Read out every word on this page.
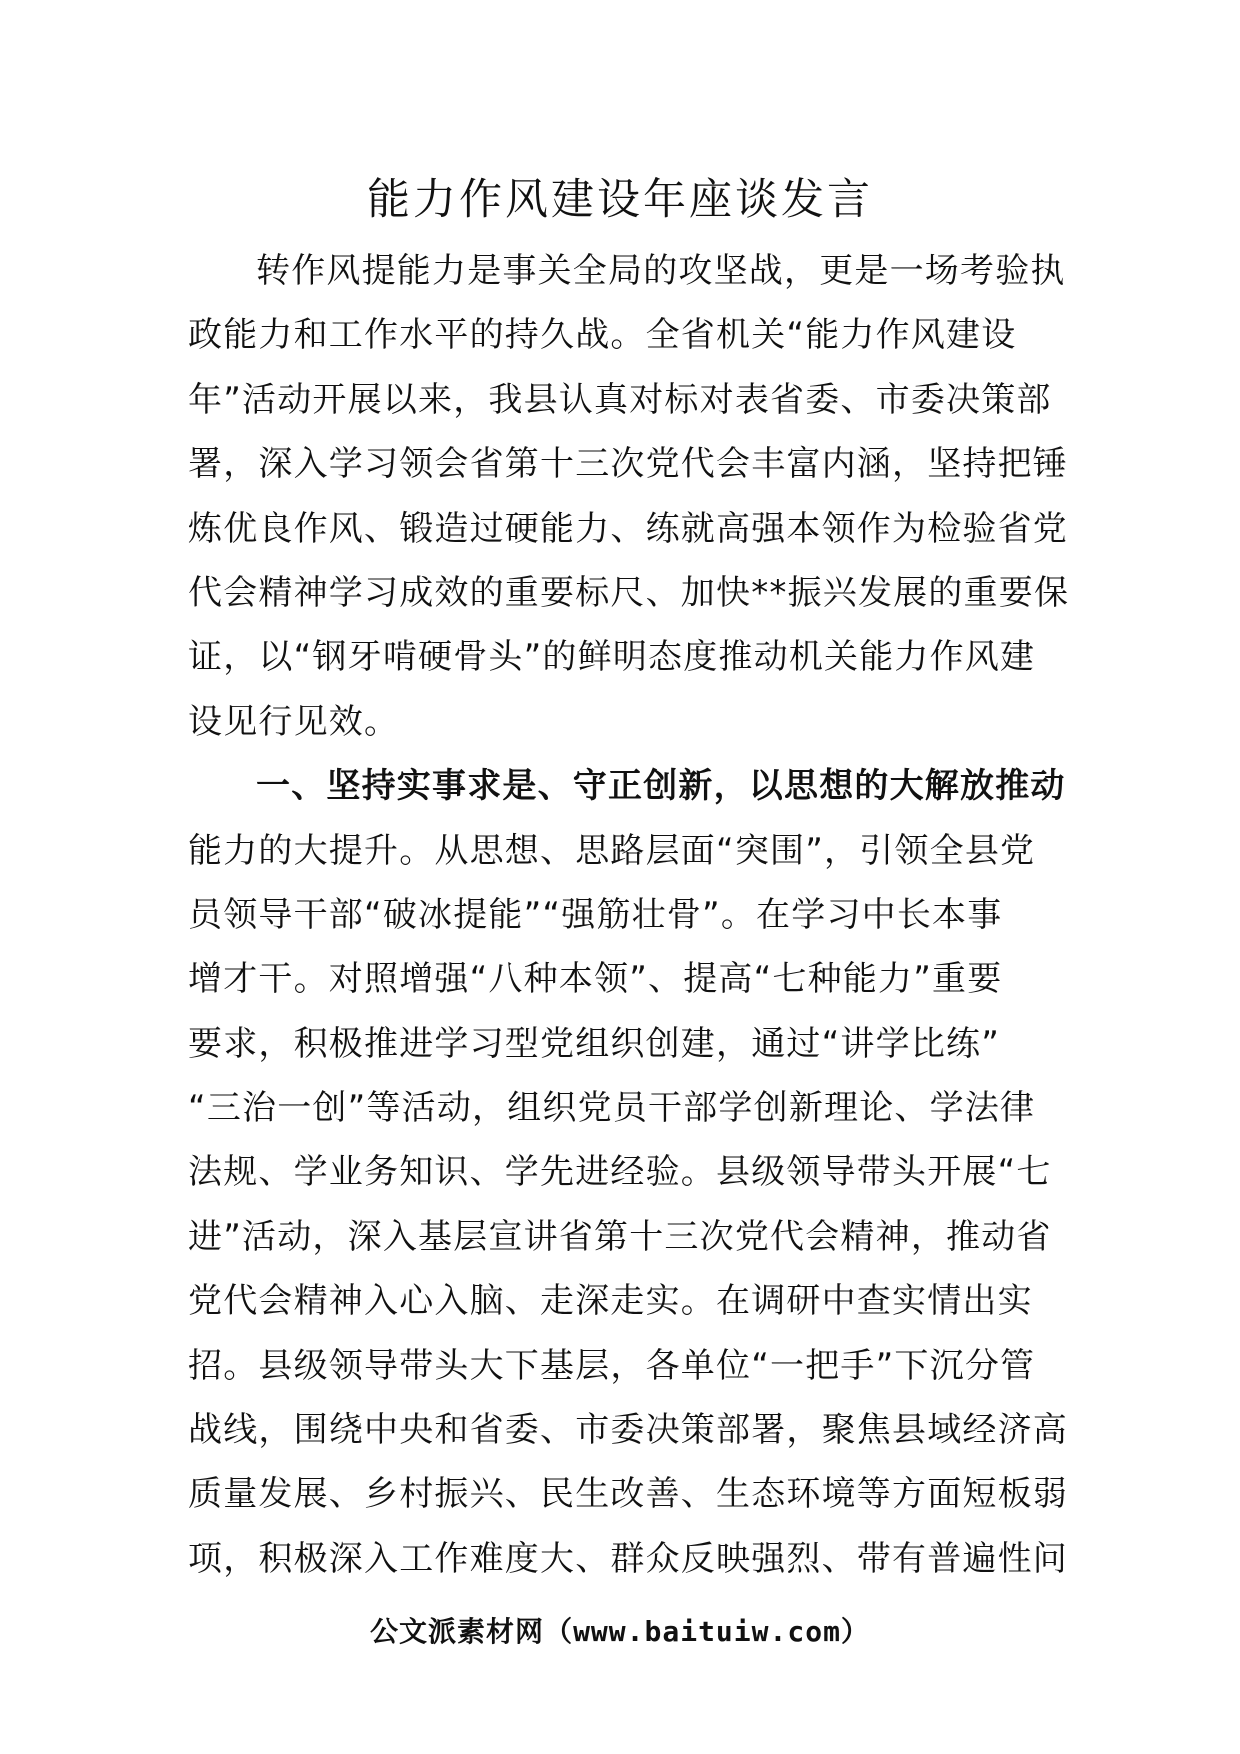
能力作风建设年座谈发言
转作风提能力是事关全局的攻坚战，更是一场考验执
政能力和工作水平的持久战。全省机关“能力作风建设
年”活动开展以来，我县认真对标对表省委、市委决策部
署，深入学习领会省第十三次党代会丰富内涵，坚持把锤
炼优良作风、锻造过硬能力、练就高强本领作为检验省党
代会精神学习成效的重要标尺、加快**振兴发展的重要保
证，以“钢牙啃硬骨头”的鲜明态度推动机关能力作风建
设见行见效。
一、坚持实事求是、守正创新，以思想的大解放推动
能力的大提升。从思想、思路层面“突围”，引领全县党
员领导干部“破冰提能”“强筋壮骨”。在学习中长本事
增才干。对照增强“八种本领”、提高“七种能力”重要
要求，积极推进学习型党组织创建，通过“讲学比练”
“三治一创”等活动，组织党员干部学创新理论、学法律
法规、学业务知识、学先进经验。县级领导带头开展“七
进”活动，深入基层宣讲省第十三次党代会精神，推动省
党代会精神入心入脑、走深走实。在调研中查实情出实
招。县级领导带头大下基层，各单位“一把手”下沉分管
战线，围绕中央和省委、市委决策部署，聚焦县域经济高
质量发展、乡村振兴、民生改善、生态环境等方面短板弱
项，积极深入工作难度大、群众反映强烈、带有普遍性问
公文派素材网（www.baituiw.com）
